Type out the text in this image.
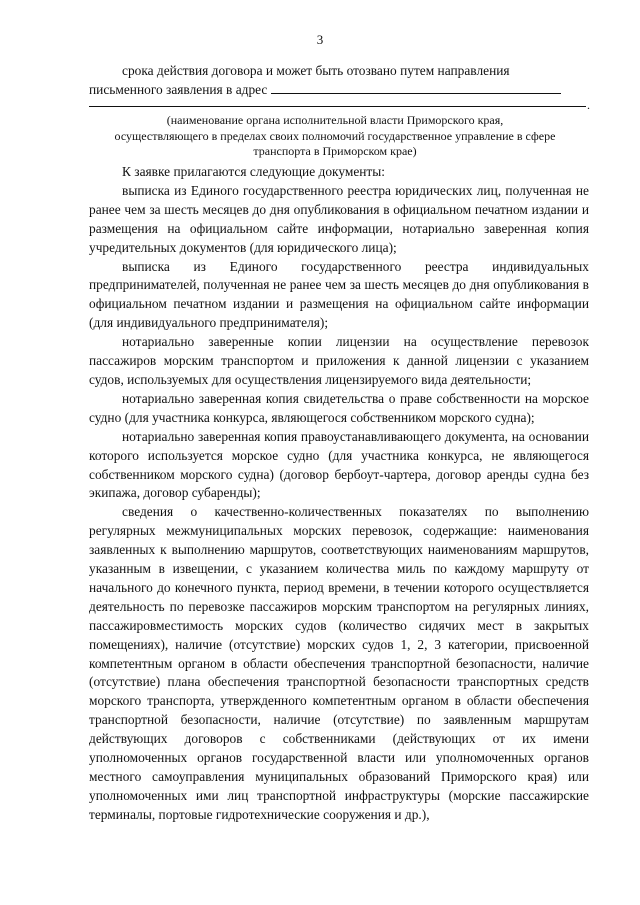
3

срока действия договора и может быть отозвано путем направления

письменного заявления в адрес

.
(наименование органа исполнительной власти Приморского края,
осуществляющего в пределах своих полномочий государственное управление в сфере
транспорта в Приморском крае)

К заявке прилагаются следующие документы:

выписка из Единого государственного реестра юридических лиц, полученная не ранее чем за шесть месяцев до дня опубликования в официальном печатном издании и размещения на официальном сайте информации, нотариально заверенная копия учредительных документов (для юридического лица);

выписка из Единого государственного реестра индивидуальных предпринимателей, полученная не ранее чем за шесть месяцев до дня опубликования в официальном печатном издании и размещения на официальном сайте информации (для индивидуального предпринимателя);

нотариально заверенные копии лицензии на осуществление перевозок пассажиров морским транспортом и приложения к данной лицензии с указанием судов, используемых для осуществления лицензируемого вида деятельности;

нотариально заверенная копия свидетельства о праве собственности на морское судно (для участника конкурса, являющегося собственником морского судна);

нотариально заверенная копия правоустанавливающего документа, на основании которого используется морское судно (для участника конкурса, не являющегося собственником морского судна) (договор бербоут-чартера, договор аренды судна без экипажа, договор субаренды);

сведения о качественно-количественных показателях по выполнению регулярных межмуниципальных морских перевозок, содержащие: наименования заявленных к выполнению маршрутов, соответствующих наименованиям маршрутов, указанным в извещении, с указанием количества миль по каждому маршруту от начального до конечного пункта, период времени, в течении которого осуществляется деятельность по перевозке пассажиров морским транспортом на регулярных линиях, пассажировместимость морских судов (количество сидячих мест в закрытых помещениях), наличие (отсутствие) морских судов 1, 2, 3 категории, присвоенной компетентным органом в области обеспечения транспортной безопасности, наличие (отсутствие) плана обеспечения транспортной безопасности транспортных средств морского транспорта, утвержденного компетентным органом в области обеспечения транспортной безопасности, наличие (отсутствие) по заявленным маршрутам действующих договоров с собственниками (действующих от их имени уполномоченных органов государственной власти или уполномоченных органов местного самоуправления муниципальных образований Приморского края) или уполномоченных ими лиц транспортной инфраструктуры (морские пассажирские терминалы, портовые гидротехнические сооружения и др.),
